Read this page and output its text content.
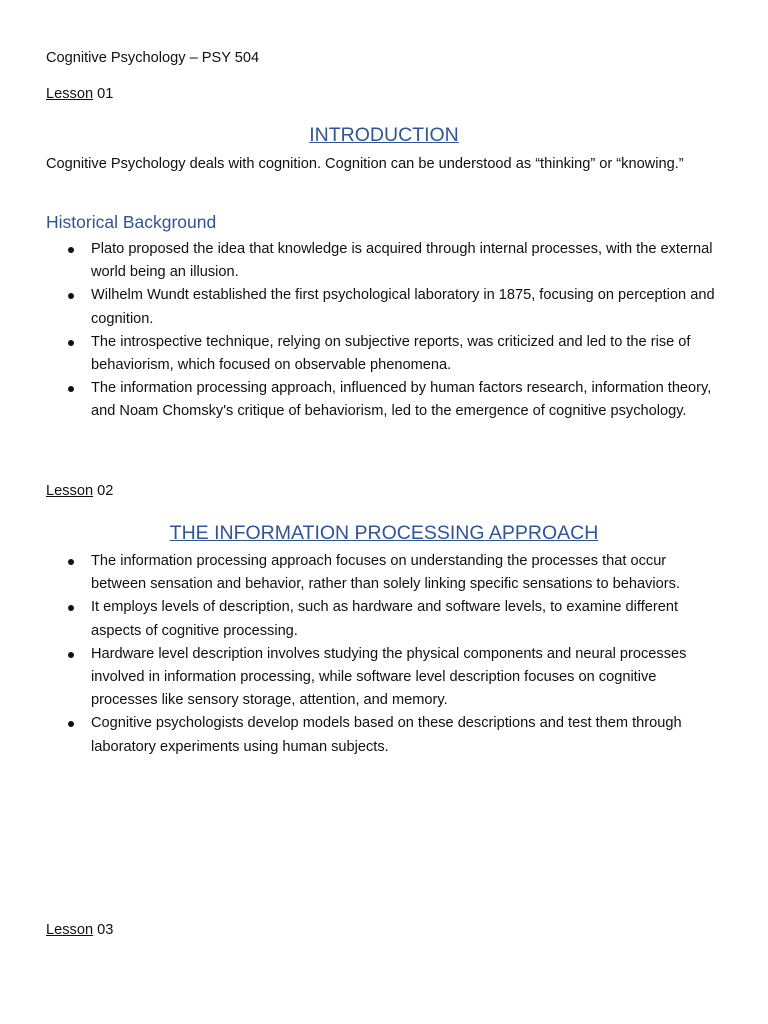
Cognitive Psychology – PSY 504
Lesson 01
INTRODUCTION
Cognitive Psychology deals with cognition. Cognition can be understood as “thinking” or “knowing.”
Historical Background
Plato proposed the idea that knowledge is acquired through internal processes, with the external world being an illusion.
Wilhelm Wundt established the first psychological laboratory in 1875, focusing on perception and cognition.
The introspective technique, relying on subjective reports, was criticized and led to the rise of behaviorism, which focused on observable phenomena.
The information processing approach, influenced by human factors research, information theory, and Noam Chomsky's critique of behaviorism, led to the emergence of cognitive psychology.
Lesson 02
THE INFORMATION PROCESSING APPROACH
The information processing approach focuses on understanding the processes that occur between sensation and behavior, rather than solely linking specific sensations to behaviors.
It employs levels of description, such as hardware and software levels, to examine different aspects of cognitive processing.
Hardware level description involves studying the physical components and neural processes involved in information processing, while software level description focuses on cognitive processes like sensory storage, attention, and memory.
Cognitive psychologists develop models based on these descriptions and test them through laboratory experiments using human subjects.
Lesson 03
